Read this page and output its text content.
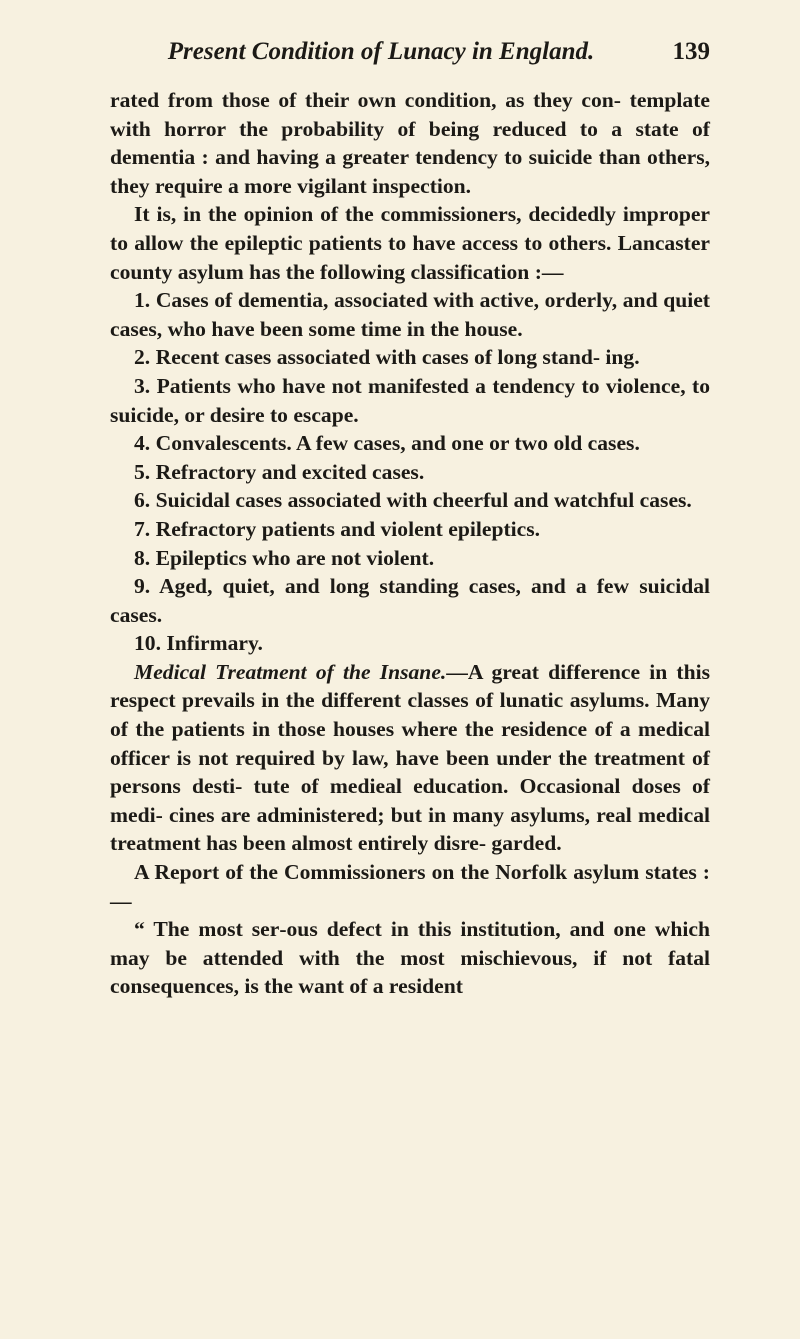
Present Condition of Lunacy in England.	139

rated from those of their own condition, as they con- template with horror the probability of being reduced to a state of dementia : and having a greater tendency to suicide than others, they require a more vigilant inspection.

It is, in the opinion of the commissioners, decidedly improper to allow the epileptic patients to have access to others. Lancaster county asylum has the following classification :—

1. Cases of dementia, associated with active, orderly, and quiet cases, who have been some time in the house.

2. Recent cases associated with cases of long stand- ing.

3. Patients who have not manifested a tendency to violence, to suicide, or desire to escape.

4. Convalescents. A few cases, and one or two old cases.

5. Refractory and excited cases.

6. Suicidal cases associated with cheerful and watchful cases.

7. Refractory patients and violent epileptics.

8. Epileptics who are not violent.

9. Aged, quiet, and long standing cases, and a few suicidal cases.

10. Infirmary.

Medical Treatment of the Insane.—A great difference in this respect prevails in the different classes of lunatic asylums. Many of the patients in those houses where the residence of a medical officer is not required by law, have been under the treatment of persons desti- tute of medieal education. Occasional doses of medi- cines are administered; but in many asylums, real medical treatment has been almost entirely disre- garded.

A Report of the Commissioners on the Norfolk asylum states :—

“ The most ser‑ous defect in this institution, and one which may be attended with the most mischievous, if not fatal consequences, is the want of a resident
